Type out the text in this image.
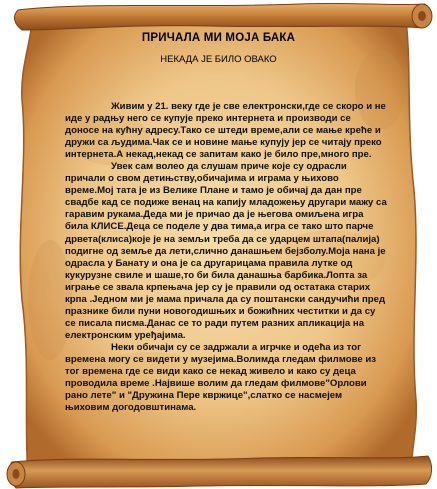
ПРИЧАЛА МИ МОЈА БАКА
НЕКАДА ЈЕ БИЛО ОВАКО

Живим у 21. веку где је све електронски,где се скоро и не иде у радњу него се купује преко интернета и производи се доносе на кућну адресу.Тако се штеди време,али се мање креће и дружи са људима.Чак се и новине мање купују јер се читају преко интернета.А некад,некад се запитам како је било пре,много пре.

Увек сам волео да слушам приче које су одрасли причали о свом детињству,обичајима и играма у њихово време.Мој тата је из Велике Плане и тамо је обичај да дан пре свадбе кад се подиже венац на капију младожењу другари мажу са гаравим рукама.Деда ми је причао да је његова омиљена игра била КЛИСЕ.Деца се поделе у два тима,а игра се тако што парче дрвета(клиса)које је на земљи треба да се ударцем штапа(палија) подигне од земље да лети,слично данашњем бејзболу.Моја нана је одрасла у Банату и она је са другарицама правила лутке од кукурузне свиле и шаше,то би била данашња барбика.Лопта за играње се звала крпењача јер су је правили од остатака старих крпа .Једном ми је мама причала да су поштански сандучићи пред празнике били пуни новогодишњих и божићних честитки и да су се писала писма.Данас се то ради путем разних апликација на електронским уређајима.

Неки обичаји су се задржали а игрчке и одећа из тог времена могу се видети у музејима.Волимда гледам филмове из тог времена где се види како се некад живело и како су деца проводила време .Највише волим да гледам филмове"Орлови рано лете" и "Дружина Пере квржице",слатко се насмејем њиховим догодовштинама.
